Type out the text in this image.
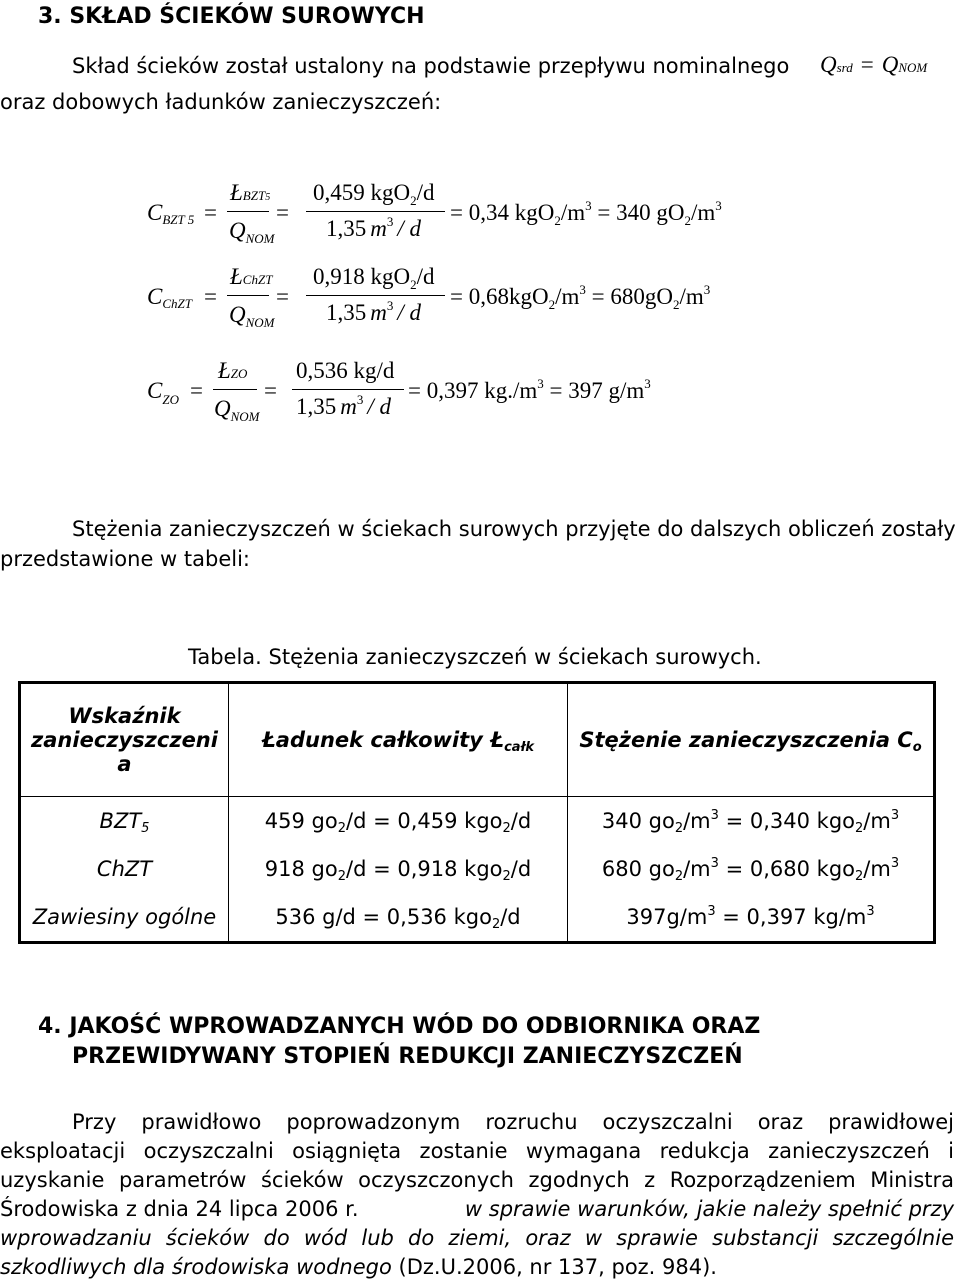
3. SKŁAD ŚCIEKÓW SUROWYCH
Skład ścieków został ustalony na podstawie przepływu nominalnego Qsrd = QNOM
oraz dobowych ładunków zanieczyszczeń:
$C_{BZT 5}$ =
ŁBZT5
$Q_{NOM}$
=
0,459 kgO$_2$/d
1,35 $m^3$ / d
= 0,34 $kgO_2/m^3 = 340$ $gO_2/m^3$
$C_{ChZT}$ =
ŁChZT
$Q_{NOM}$
=
0,918 kgO$_2$/d
1,35 $m^3$ / d
= $0,68kgO_2/m^3 = 680gO_2/m^3$
$C_{ZO}$ =
ŁZO
$Q_{NOM}$
=
0,536 kg/d
1,35 $m^3$ / d
= 0,397 $kg./m^3 = 397$ $g/m^3$
Stężenia zanieczyszczeń w ściekach surowych przyjęte do dalszych obliczeń zostały
przedstawione w tabeli:
Tabela. Stężenia zanieczyszczeń w ściekach surowych.
Wskaźnik
zanieczyszczeni
a	Ładunek całkowity Łcałk	Stężenie zanieczyszczenia Co
BZT5	459 go2/d = 0,459 kgo2/d	340 $go2/m^3 = 0,340$ $kgo2/m^3$
ChZT	918 go2/d = 0,918 kgo2/d	680 $go2/m^3 = 0,680$ $kgo2/m^3$
Zawiesiny ogólne	536 g/d = 0,536 kgo2/d	$397g/m^3 = 0,397$ $kg/m^3$
4. JAKOŚĆ WPROWADZANYCH WÓD DO ODBIORNIKA ORAZ
PRZEWIDYWANY STOPIEŃ REDUKCJI ZANIECZYSZCZEŃ
Przy prawidłowo poprowadzonym rozruchu oczyszczalni oraz prawidłowej
eksploatacji oczyszczalni osiągnięta zostanie wymagana redukcja zanieczyszczeń i
uzyskanie parametrów ścieków oczyszczonych zgodnych z Rozporządzeniem Ministra
Środowiska z dnia 24 lipca 2006 r.	w sprawie warunków, jakie należy spełnić przy
wprowadzaniu ścieków do wód lub do ziemi, oraz w sprawie substancji szczególnie
szkodliwych dla środowiska wodnego (Dz.U.2006, nr 137, poz. 984).
